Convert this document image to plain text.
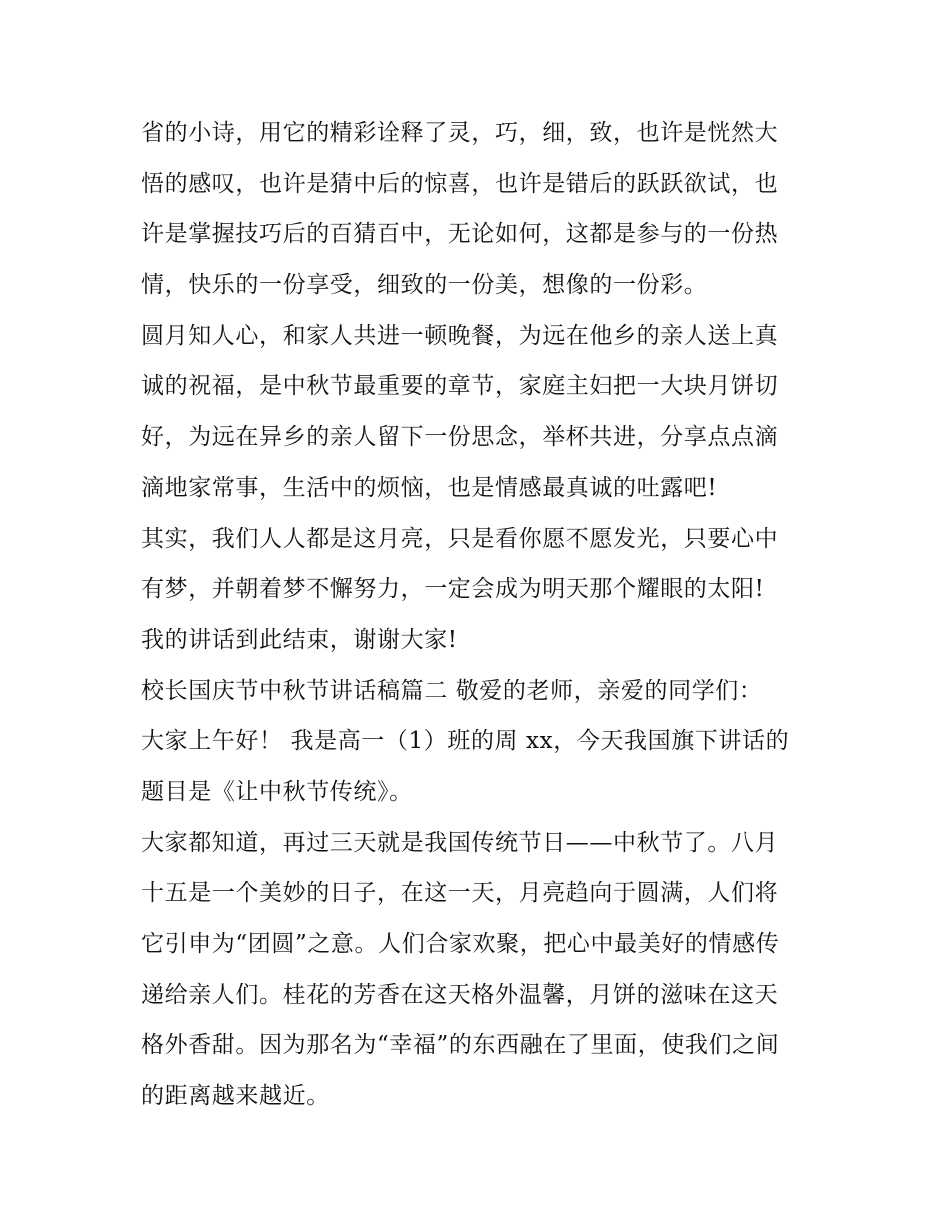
省的小诗，用它的精彩诠释了灵，巧，细，致，也许是恍然大
悟的感叹，也许是猜中后的惊喜，也许是错后的跃跃欲试，也
许是掌握技巧后的百猜百中，无论如何，这都是参与的一份热
情，快乐的一份享受，细致的一份美，想像的一份彩。

圆月知人心，和家人共进一顿晚餐，为远在他乡的亲人送上真
诚的祝福，是中秋节最重要的章节，家庭主妇把一大块月饼切
好，为远在异乡的亲人留下一份思念，举杯共进，分享点点滴
滴地家常事，生活中的烦恼，也是情感最真诚的吐露吧!

其实，我们人人都是这月亮，只是看你愿不愿发光，只要心中
有梦，并朝着梦不懈努力，一定会成为明天那个耀眼的太阳!

我的讲话到此结束，谢谢大家!

校长国庆节中秋节讲话稿篇二 敬爱的老师，亲爱的同学们：

大家上午好！ 我是高一（1）班的周 xx，今天我国旗下讲话的
题目是《让中秋节传统》。

大家都知道，再过三天就是我国传统节日——中秋节了。八月
十五是一个美妙的日子，在这一天，月亮趋向于圆满，人们将
它引申为“团圆”之意。人们合家欢聚，把心中最美好的情感传
递给亲人们。桂花的芳香在这天格外温馨，月饼的滋味在这天
格外香甜。因为那名为“幸福”的东西融在了里面，使我们之间
的距离越来越近。
